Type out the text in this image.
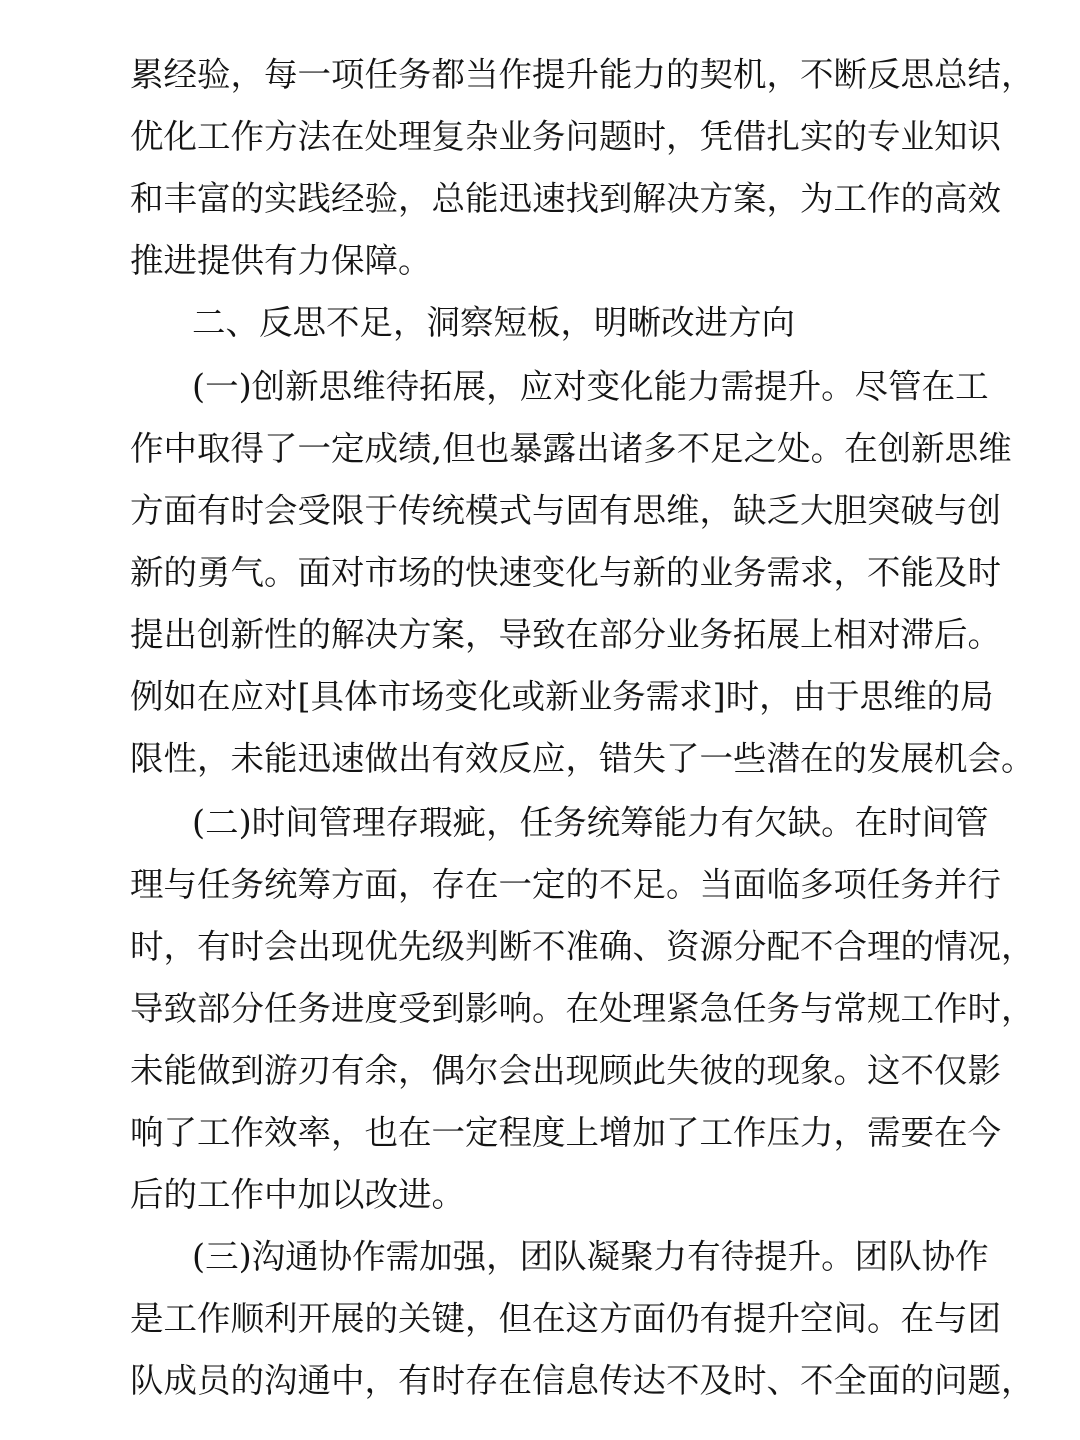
累经验，每一项任务都当作提升能力的契机，不断反思总结，
优化工作方法在处理复杂业务问题时，凭借扎实的专业知识
和丰富的实践经验，总能迅速找到解决方案，为工作的高效
推进提供有力保障。
二、反思不足，洞察短板，明晰改进方向
(一)创新思维待拓展，应对变化能力需提升。尽管在工
作中取得了一定成绩,但也暴露出诸多不足之处。在创新思维
方面有时会受限于传统模式与固有思维，缺乏大胆突破与创
新的勇气。面对市场的快速变化与新的业务需求，不能及时
提出创新性的解决方案，导致在部分业务拓展上相对滞后。
例如在应对[具体市场变化或新业务需求]时，由于思维的局
限性，未能迅速做出有效反应，错失了一些潜在的发展机会。
(二)时间管理存瑕疵，任务统筹能力有欠缺。在时间管
理与任务统筹方面，存在一定的不足。当面临多项任务并行
时，有时会出现优先级判断不准确、资源分配不合理的情况，
导致部分任务进度受到影响。在处理紧急任务与常规工作时，
未能做到游刃有余，偶尔会出现顾此失彼的现象。这不仅影
响了工作效率，也在一定程度上增加了工作压力，需要在今
后的工作中加以改进。
(三)沟通协作需加强，团队凝聚力有待提升。团队协作
是工作顺利开展的关键，但在这方面仍有提升空间。在与团
队成员的沟通中，有时存在信息传达不及时、不全面的问题，
